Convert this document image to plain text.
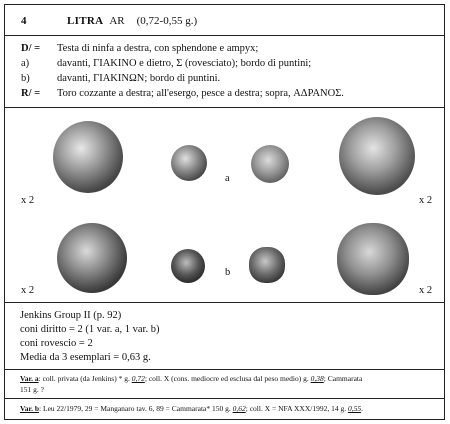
4	LITRA AR (0,72-0,55 g.)
D/ = Testa di ninfa a destra, con sphendone e ampyx;
a)	davanti, ΓΙΑΚΙΝΟ e dietro, Σ (rovesciato); bordo di puntini;
b)	davanti, ΓΙΑΚΙΝΩΝ; bordo di puntini.
R/ = Toro cozzante a destra; all'esergo, pesce a destra; sopra, ΑΔΡΑΝΟΣ.
a
x 2	x 2
b
x 2	x 2
Jenkins Group II (p. 92)
coni diritto = 2 (1 var. a, 1 var. b)
coni rovescio = 2
Media da 3 esemplari = 0,63 g.
Var. a: coll. privata (da Jenkins) * g. 0,72; coll. X (cons. mediocre ed esclusa dal peso medio) g. 0,38; Cammarata
151 g. ?
Var. b: Leu 22/1979, 29 = Manganaro tav. 6, 89 = Cammarata* 150 g. 0,62; coll. X = NFA XXX/1992, 14 g. 0,55.
